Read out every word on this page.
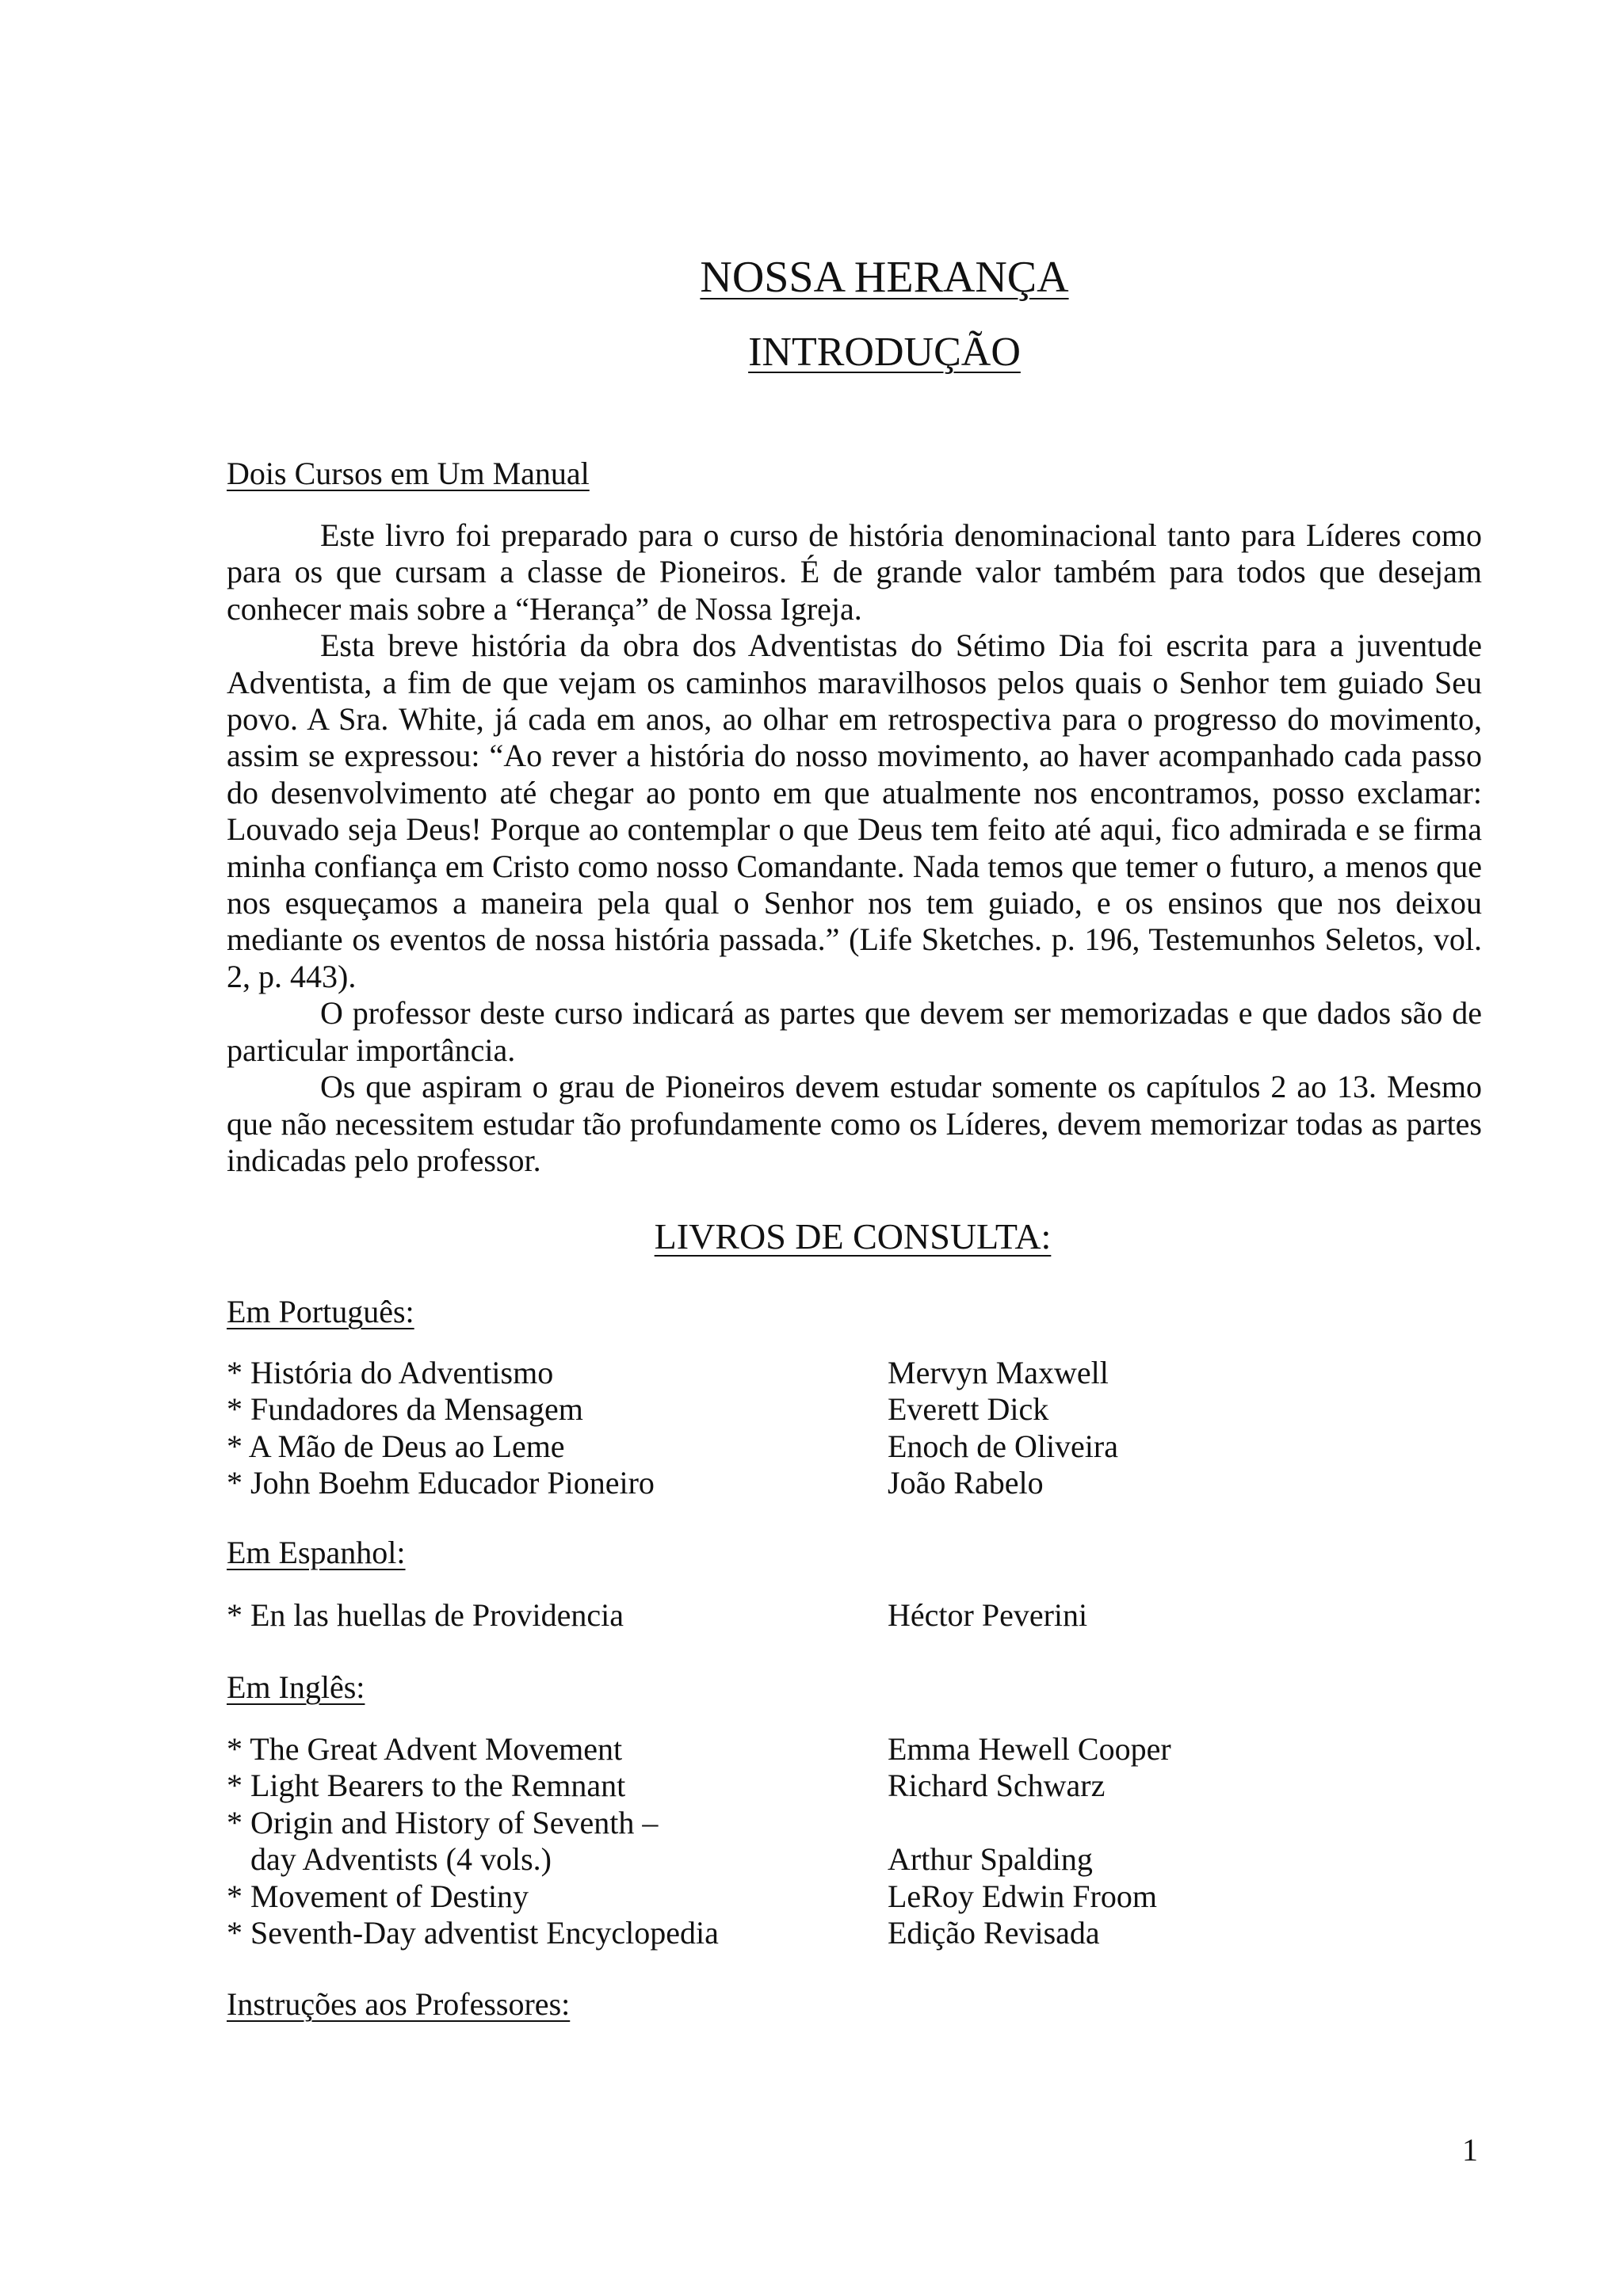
NOSSA HERANÇA
INTRODUÇÃO
Dois Cursos em Um Manual

Este livro foi preparado para o curso de história denominacional tanto para Líderes como para os que cursam a classe de Pioneiros. É de grande valor também para todos que desejam conhecer mais sobre a “Herança” de Nossa Igreja.

Esta breve história da obra dos Adventistas do Sétimo Dia foi escrita para a juventude Adventista, a fim de que vejam os caminhos maravilhosos pelos quais o Senhor tem guiado Seu povo. A Sra. White, já cada em anos, ao olhar em retrospectiva para o progresso do movimento, assim se expressou: “Ao rever a história do nosso movimento, ao haver acompanhado cada passo do desenvolvimento até chegar ao ponto em que atualmente nos encontramos, posso exclamar: Louvado seja Deus! Porque ao contemplar o que Deus tem feito até aqui, fico admirada e se firma minha confiança em Cristo como nosso Comandante. Nada temos que temer o futuro, a menos que nos esqueçamos a maneira pela qual o Senhor nos tem guiado, e os ensinos que nos deixou mediante os eventos de nossa história passada.” (Life Sketches. p. 196, Testemunhos Seletos, vol. 2, p. 443).

O professor deste curso indicará as partes que devem ser memorizadas e que dados são de particular importância.

Os que aspiram o grau de Pioneiros devem estudar somente os capítulos 2 ao 13. Mesmo que não necessitem estudar tão profundamente como os Líderes, devem memorizar todas as partes indicadas pelo professor.

LIVROS DE CONSULTA:
Em Português:
* História do Adventismo	Mervyn Maxwell
* Fundadores da Mensagem	Everett Dick
* A Mão de Deus ao Leme	Enoch de Oliveira
* John Boehm Educador Pioneiro	João Rabelo
Em Espanhol:
* En las huellas de Providencia	Héctor Peverini
Em Inglês:
* The Great Advent Movement	Emma Hewell Cooper
* Light Bearers to the Remnant	Richard Schwarz
* Origin and History of Seventh –
day Adventists (4 vols.)	Arthur Spalding
* Movement of Destiny	LeRoy Edwin Froom
* Seventh-Day adventist Encyclopedia	Edição Revisada
Instruções aos Professores:
1
